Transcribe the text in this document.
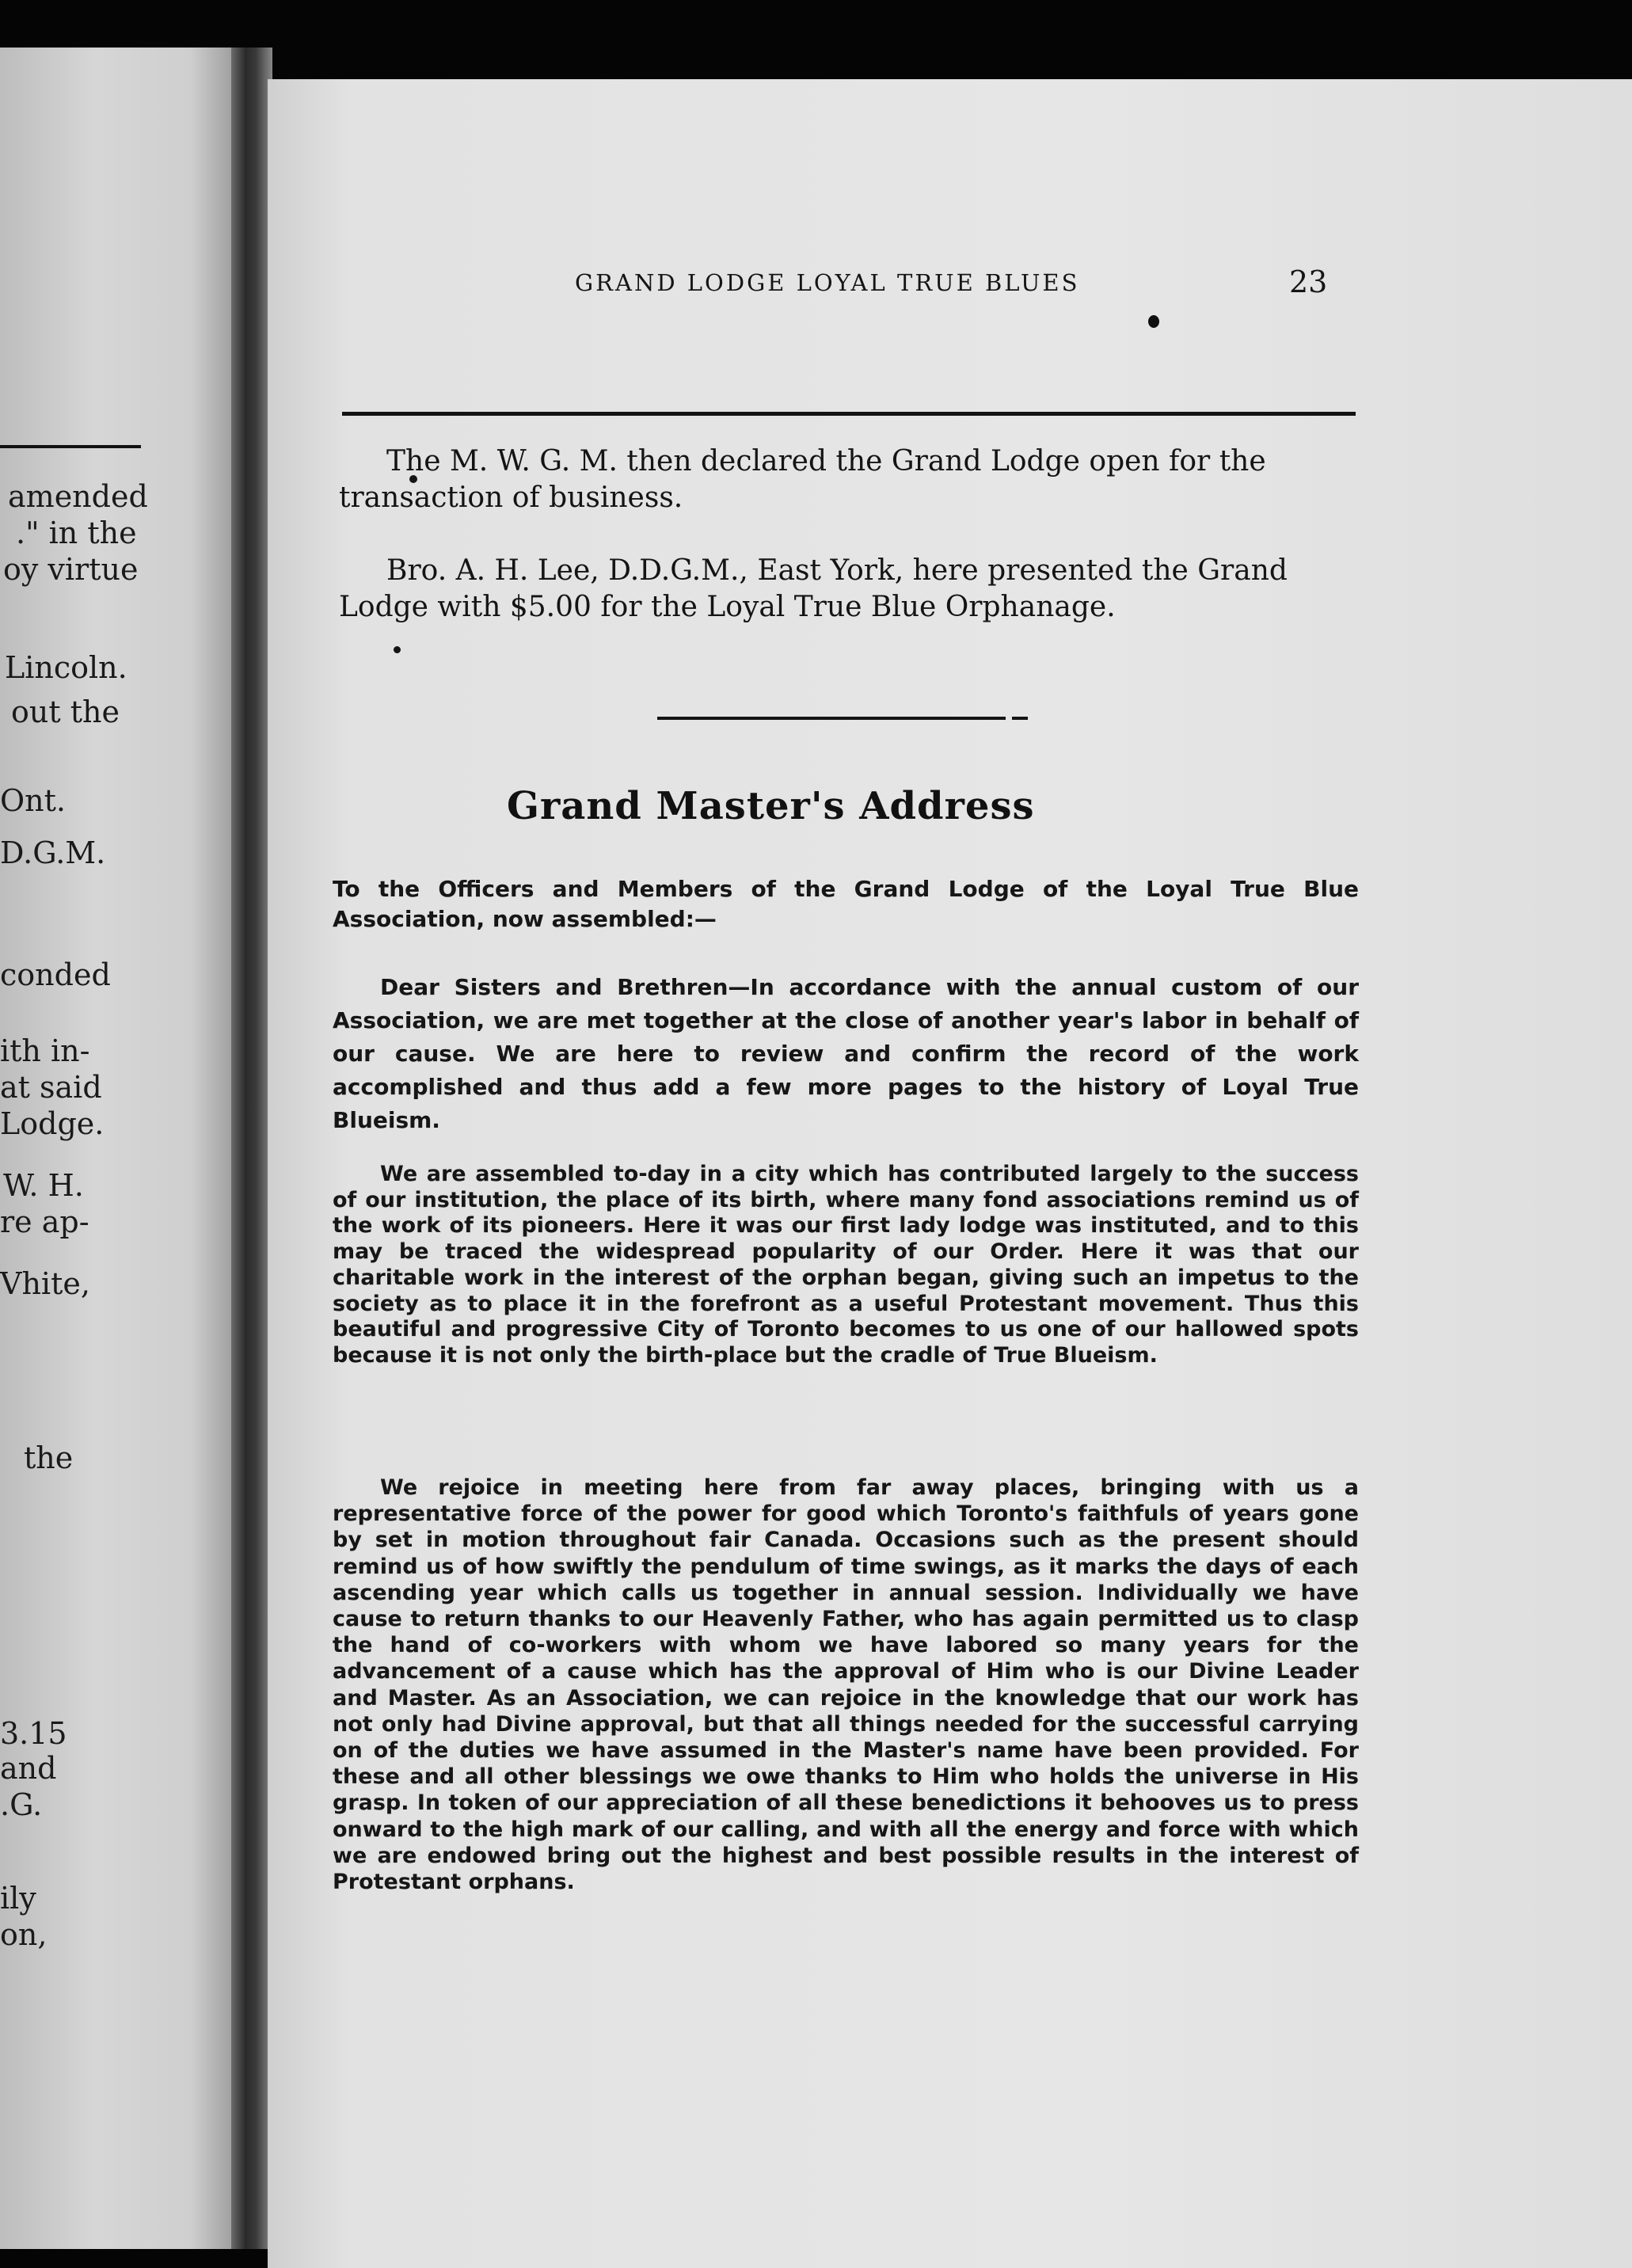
amended
." in the
oy virtue
Lincoln.
out the
Ont.
D.G.M.
conded
ith in-
at said
Lodge.
W. H.
re ap-
Vhite,
the
3.15
and
.G.
ily
on,
GRAND LODGE LOYAL TRUE BLUES	23

The M. W. G. M. then declared the Grand Lodge open for the transaction of business.

Bro. A. H. Lee, D.D.G.M., East York, here presented the Grand Lodge with $5.00 for the Loyal True Blue Orphanage.

Grand Master's Address

To the Officers and Members of the Grand Lodge of the Loyal True Blue Association, now assembled:—

Dear Sisters and Brethren—In accordance with the annual custom of our Association, we are met together at the close of another year's labor in behalf of our cause. We are here to review and confirm the record of the work accomplished and thus add a few more pages to the history of Loyal True Blueism.

We are assembled to-day in a city which has contributed largely to the success of our institution, the place of its birth, where many fond associations remind us of the work of its pioneers. Here it was our first lady lodge was instituted, and to this may be traced the widespread popularity of our Order. Here it was that our charitable work in the interest of the orphan began, giving such an impetus to the society as to place it in the forefront as a useful Protestant movement. Thus this beautiful and progressive City of Toronto becomes to us one of our hallowed spots because it is not only the birth-place but the cradle of True Blueism.

We rejoice in meeting here from far away places, bringing with us a representative force of the power for good which Toronto's faithfuls of years gone by set in motion throughout fair Canada. Occasions such as the present should remind us of how swiftly the pendulum of time swings, as it marks the days of each ascending year which calls us together in annual session. Individually we have cause to return thanks to our Heavenly Father, who has again permitted us to clasp the hand of co-workers with whom we have labored so many years for the advancement of a cause which has the approval of Him who is our Divine Leader and Master. As an Association, we can rejoice in the knowledge that our work has not only had Divine approval, but that all things needed for the successful carrying on of the duties we have assumed in the Master's name have been provided. For these and all other blessings we owe thanks to Him who holds the universe in His grasp. In token of our appreciation of all these benedictions it behooves us to press onward to the high mark of our calling, and with all the energy and force with which we are endowed bring out the highest and best possible results in the interest of Protestant orphans.
